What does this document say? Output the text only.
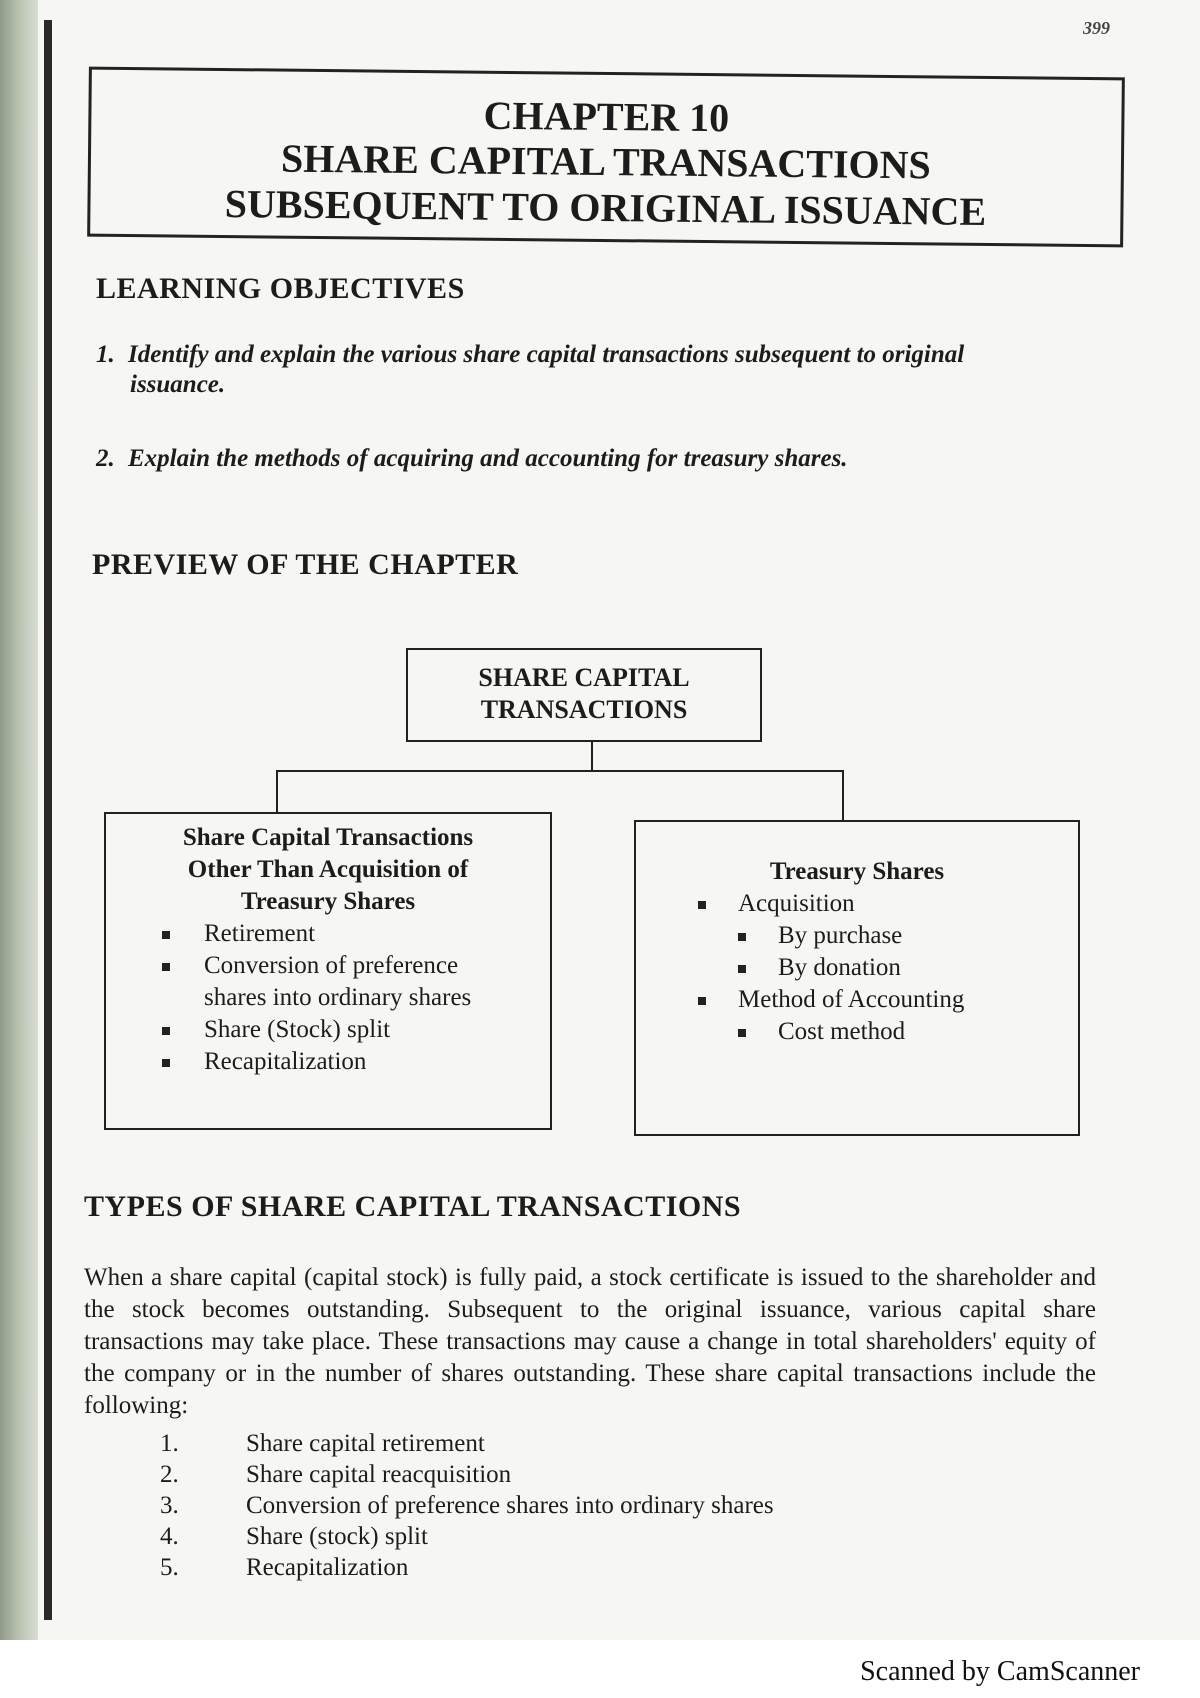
399
CHAPTER 10
SHARE CAPITAL TRANSACTIONS
SUBSEQUENT TO ORIGINAL ISSUANCE
LEARNING OBJECTIVES
1. Identify and explain the various share capital transactions subsequent to original
issuance.
2. Explain the methods of acquiring and accounting for treasury shares.
PREVIEW OF THE CHAPTER
SHARE CAPITAL
TRANSACTIONS
Share Capital Transactions
Other Than Acquisition of
Treasury Shares
Retirement
Conversion of preference shares into ordinary shares
Share (Stock) split
Recapitalization
Treasury Shares
Acquisition
By purchase
By donation
Method of Accounting
Cost method
TYPES OF SHARE CAPITAL TRANSACTIONS
When a share capital (capital stock) is fully paid, a stock certificate is issued to the shareholder and the stock becomes outstanding. Subsequent to the original issuance, various capital share transactions may take place. These transactions may cause a change in total shareholders' equity of the company or in the number of shares outstanding. These share capital transactions include the following:
1.	Share capital retirement
2.	Share capital reacquisition
3.	Conversion of preference shares into ordinary shares
4.	Share (stock) split
5.	Recapitalization
Scanned by CamScanner
